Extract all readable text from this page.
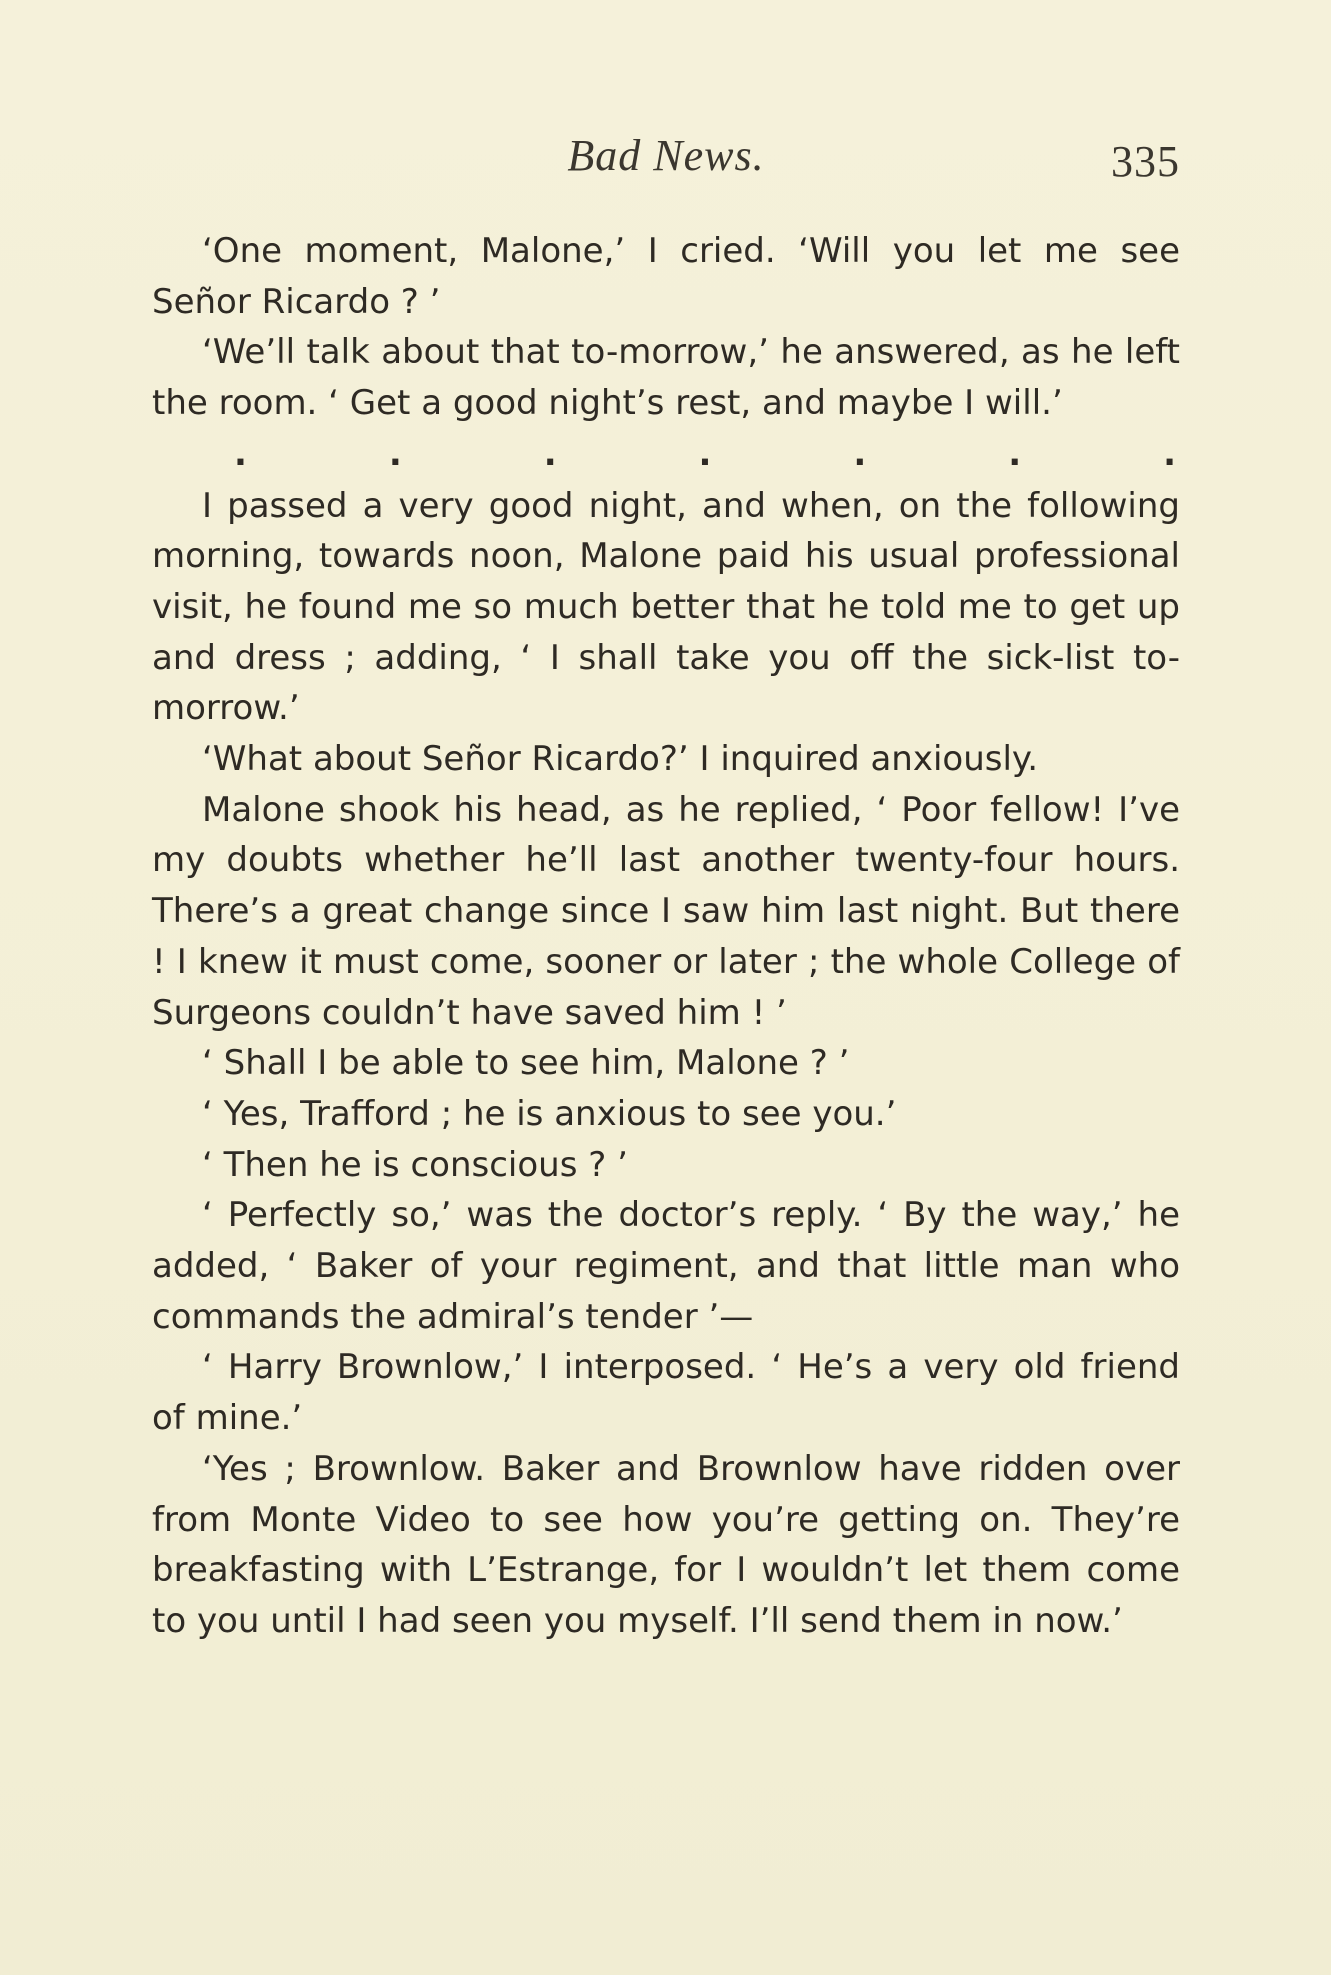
Bad News.	335

‘One moment, Malone,’ I cried. ‘Will you let me see Señor Ricardo ? ’

‘We’ll talk about that to-morrow,’ he answered, as he left the room. ‘ Get a good night’s rest, and maybe I will.’

.	.	.	.	.	.	.

I passed a very good night, and when, on the following morning, towards noon, Malone paid his usual professional visit, he found me so much better that he told me to get up and dress ; adding, ‘ I shall take you off the sick-list to-morrow.’

‘What about Señor Ricardo?’ I inquired anxiously.

Malone shook his head, as he replied, ‘ Poor fellow! I’ve my doubts whether he’ll last another twenty-four hours. There’s a great change since I saw him last night. But there ! I knew it must come, sooner or later ; the whole College of Surgeons couldn’t have saved him ! ’

‘ Shall I be able to see him, Malone ? ’

‘ Yes, Trafford ; he is anxious to see you.’

‘ Then he is conscious ? ’

‘ Perfectly so,’ was the doctor’s reply. ‘ By the way,’ he added, ‘ Baker of your regiment, and that little man who commands the admiral’s tender ’—

‘ Harry Brownlow,’ I interposed. ‘ He’s a very old friend of mine.’

‘Yes ; Brownlow. Baker and Brownlow have ridden over from Monte Video to see how you’re getting on. They’re breakfasting with L’Estrange, for I wouldn’t let them come to you until I had seen you myself. I’ll send them in now.’
